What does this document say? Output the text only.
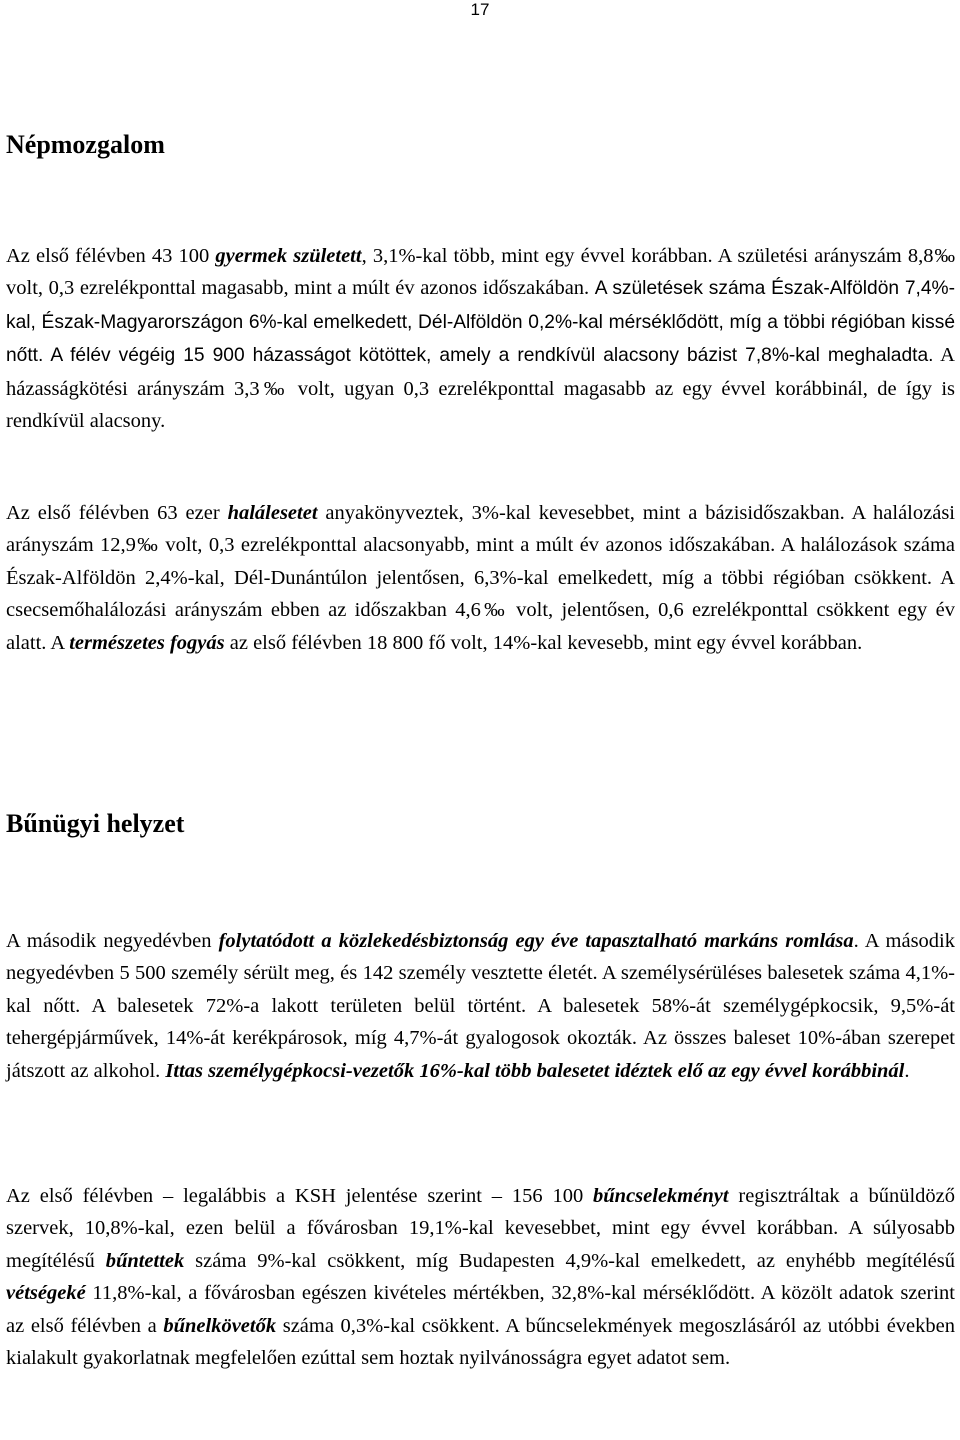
17
Népmozgalom

Az első félévben 43 100 gyermek született, 3,1%-kal több, mint egy évvel korábban. A születési arányszám 8,8‰ volt, 0,3 ezrelékponttal magasabb, mint a múlt év azonos időszakában. A születések száma Észak-Alföldön 7,4%-kal, Észak-Magyarországon 6%-kal emelkedett, Dél-Alföldön 0,2%-kal mérséklődött, míg a többi régióban kissé nőtt. A félév végéig 15 900 házasságot kötöttek, amely a rendkívül alacsony bázist 7,8%-kal meghaladta. A házasságkötési arányszám 3,3‰ volt, ugyan 0,3 ezrelékponttal magasabb az egy évvel korábbinál, de így is rendkívül alacsony.

Az első félévben 63 ezer halálesetet anyakönyveztek, 3%-kal kevesebbet, mint a bázisidőszakban. A halálozási arányszám 12,9‰ volt, 0,3 ezrelékponttal alacsonyabb, mint a múlt év azonos időszakában. A halálozások száma Észak-Alföldön 2,4%-kal, Dél-Dunántúlon jelentősen, 6,3%-kal emelkedett, míg a többi régióban csökkent. A csecsemőhalálozási arányszám ebben az időszakban 4,6‰ volt, jelentősen, 0,6 ezrelékponttal csökkent egy év alatt. A természetes fogyás az első félévben 18 800 fő volt, 14%-kal kevesebb, mint egy évvel korábban.

Bűnügyi helyzet

A második negyedévben folytatódott a közlekedésbiztonság egy éve tapasztalható markáns romlása. A második negyedévben 5 500 személy sérült meg, és 142 személy vesztette életét. A személysérüléses balesetek száma 4,1%-kal nőtt. A balesetek 72%-a lakott területen belül történt. A balesetek 58%-át személygépkocsik, 9,5%-át tehergépjárművek, 14%-át kerékpárosok, míg 4,7%-át gyalogosok okozták. Az összes baleset 10%-ában szerepet játszott az alkohol. Ittas személygépkocsi-vezetők 16%-kal több balesetet idéztek elő az egy évvel korábbinál.

Az első félévben – legalábbis a KSH jelentése szerint – 156 100 bűncselekményt regisztráltak a bűnüldöző szervek, 10,8%-kal, ezen belül a fővárosban 19,1%-kal kevesebbet, mint egy évvel korábban. A súlyosabb megítélésű bűntettek száma 9%-kal csökkent, míg Budapesten 4,9%-kal emelkedett, az enyhébb megítélésű vétségeké 11,8%-kal, a fővárosban egészen kivételes mértékben, 32,8%-kal mérséklődött. A közölt adatok szerint az első félévben a bűnelkövetők száma 0,3%-kal csökkent. A bűncselekmények megoszlásáról az utóbbi években kialakult gyakorlatnak megfelelően ezúttal sem hoztak nyilvánosságra egyet adatot sem.
